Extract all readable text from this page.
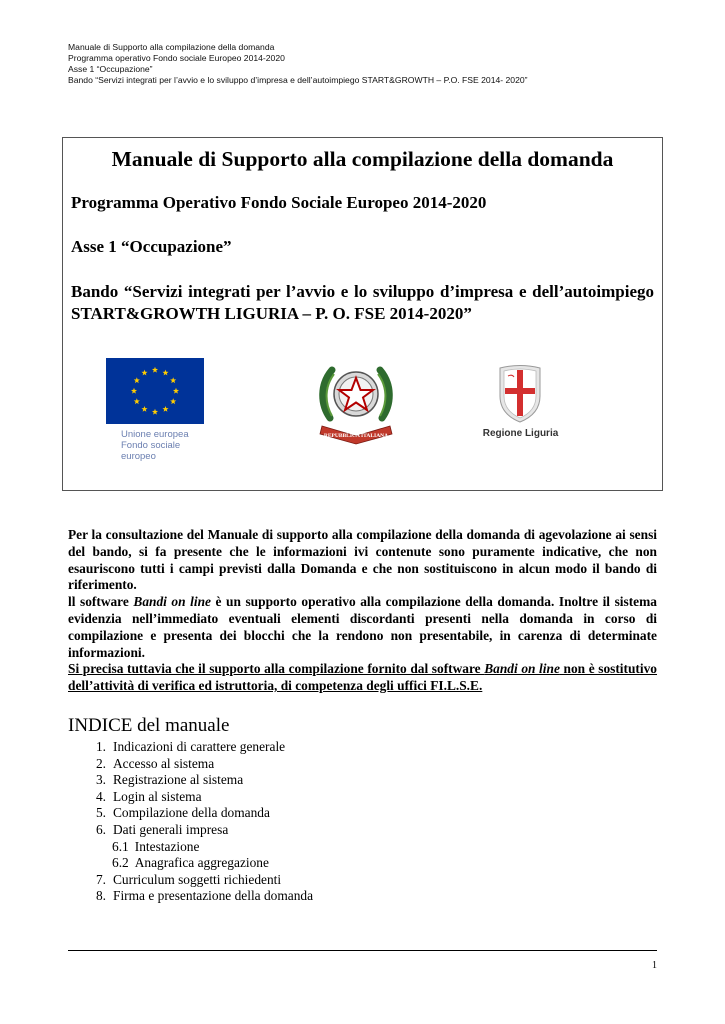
Manuale di Supporto alla compilazione della domanda
Programma operativo Fondo sociale Europeo 2014-2020
Asse 1 “Occupazione”
Bando “Servizi integrati per l’avvio e lo sviluppo d’impresa e dell’autoimpiego START&GROWTH – P.O. FSE 2014- 2020”
Manuale di Supporto alla compilazione della domanda
Programma Operativo Fondo Sociale Europeo 2014-2020
Asse 1 “Occupazione”
Bando “Servizi integrati per l’avvio e lo sviluppo d’impresa e dell’autoimpiego START&GROWTH LIGURIA – P. O. FSE 2014-2020”
Unione europea
Fondo sociale europeo
REPUBBLICA ITALIANA	Regione Liguria

Per la consultazione del Manuale di supporto alla compilazione della domanda di agevolazione ai sensi del bando, si fa presente che le informazioni ivi contenute sono puramente indicative, che non esauriscono tutti i campi previsti dalla Domanda e che non sostituiscono in alcun modo il bando di riferimento.

ll software Bandi on line è un supporto operativo alla compilazione della domanda. Inoltre il sistema evidenzia nell’immediato eventuali elementi discordanti presenti nella domanda in corso di compilazione e presenta dei blocchi che la rendono non presentabile, in carenza di determinate informazioni.

Si precisa tuttavia che il supporto alla compilazione fornito dal software Bandi on line non è sostitutivo dell’attività di verifica ed istruttoria, di competenza degli uffici FI.L.S.E.

INDICE del manuale
1. Indicazioni di carattere generale
2. Accesso al sistema
3. Registrazione al sistema
4. Login al sistema
5. Compilazione della domanda
6. Dati generali impresa
6.1 Intestazione
6.2 Anagrafica aggregazione
7. Curriculum soggetti richiedenti
8. Firma e presentazione della domanda
1
